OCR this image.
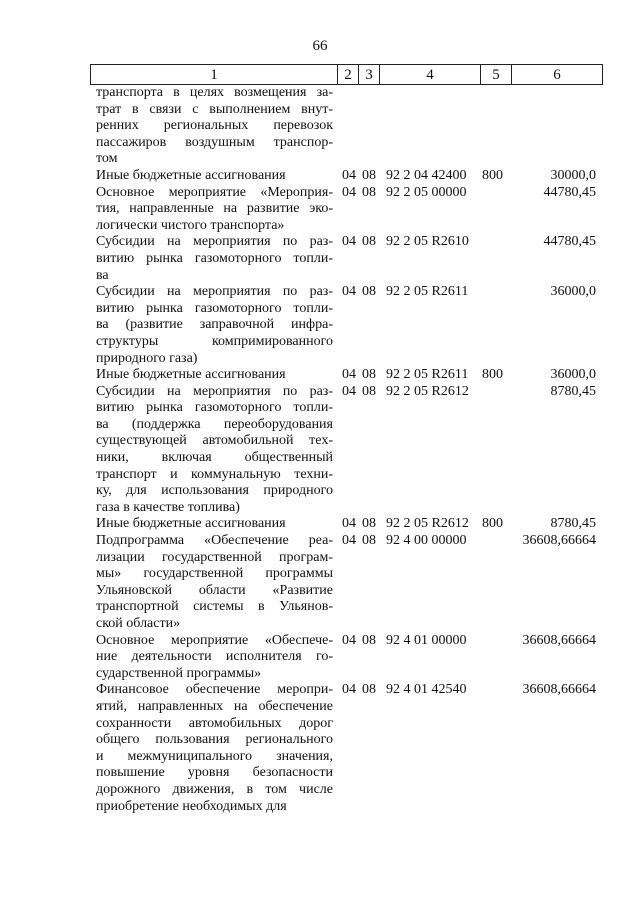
66
1	2	3	4	5	6
транспорта в целях возмещения за-
трат в связи с выполнением внут-
ренних региональных перевозок
пассажиров воздушным транспор-
том
Иные бюджетные ассигнования	04 08 92 2 04 42400 800	30000,0
Основное мероприятие «Мероприя-
тия, направленные на развитие эко-
логически чистого транспорта»
04 08 92 2 05 00000	44780,45
Субсидии на мероприятия по раз-
витию рынка газомоторного топли-
ва
04 08 92 2 05 R2610	44780,45
Субсидии на мероприятия по раз-
витию рынка газомоторного топли-
ва (развитие заправочной инфра-
структуры компримированного
природного газа)
04 08 92 2 05 R2611	36000,0
Иные бюджетные ассигнования	04 08 92 2 05 R2611 800	36000,0
Субсидии на мероприятия по раз-
витию рынка газомоторного топли-
ва (поддержка переоборудования
существующей автомобильной тех-
ники, включая общественный
транспорт и коммунальную техни-
ку, для использования природного
газа в качестве топлива)
04 08 92 2 05 R2612	8780,45
Иные бюджетные ассигнования	04 08 92 2 05 R2612 800	8780,45
Подпрограмма «Обеспечение реа-
лизации государственной програм-
мы» государственной программы
Ульяновской области «Развитие
транспортной системы в Ульянов-
ской области»
04 08 92 4 00 00000	36608,66664
Основное мероприятие «Обеспече-
ние деятельности исполнителя го-
сударственной программы»
04 08 92 4 01 00000	36608,66664
Финансовое обеспечение меропри-
ятий, направленных на обеспечение
сохранности автомобильных дорог
общего пользования регионального
и межмуниципального значения,
повышение уровня безопасности
дорожного движения, в том числе
приобретение необходимых для
04 08 92 4 01 42540	36608,66664
